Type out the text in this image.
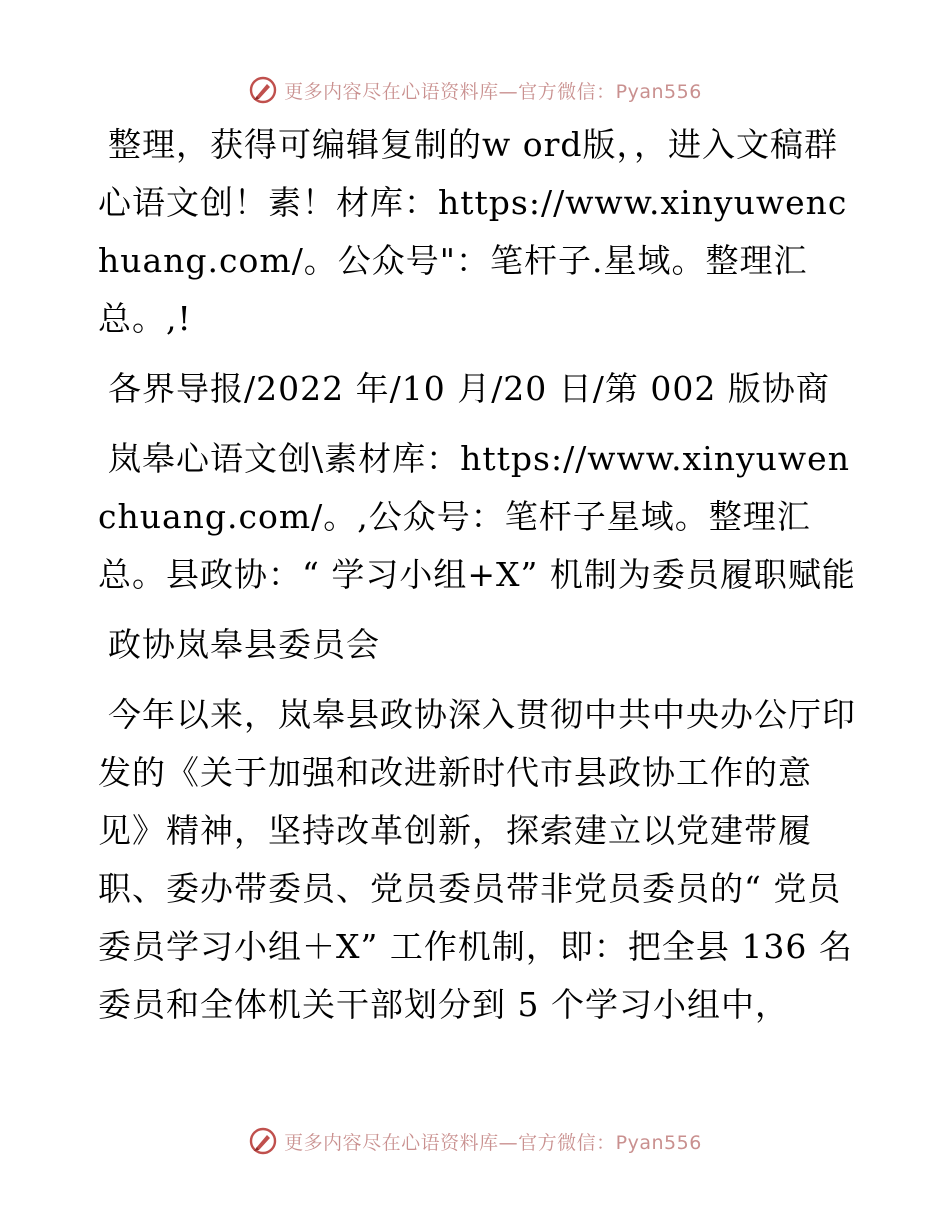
更多内容尽在心语资料库—官方微信：Pyan556

整理，获得可编辑复制的w ord版，，进入文稿群心语文创！素！材库：https://www.xinyuwenchuang.com/。公众号"：笔杆子.星域。整理汇总。,!

各界导报/2022 年/10 月/20 日/第 002 版协商

岚皋心语文创\素材库：https://www.xinyuwenchuang.com/。,公众号：笔杆子星域。整理汇总。县政协：“ 学习小组+X” 机制为委员履职赋能

政协岚皋县委员会

今年以来，岚皋县政协深入贯彻中共中央办公厅印发的《关于加强和改进新时代市县政协工作的意见》精神，坚持改革创新，探索建立以党建带履职、委办带委员、党员委员带非党员委员的“ 党员委员学习小组＋X” 工作机制，即：把全县 136 名委员和全体机关干部划分到 5 个学习小组中，

更多内容尽在心语资料库—官方微信：Pyan556
